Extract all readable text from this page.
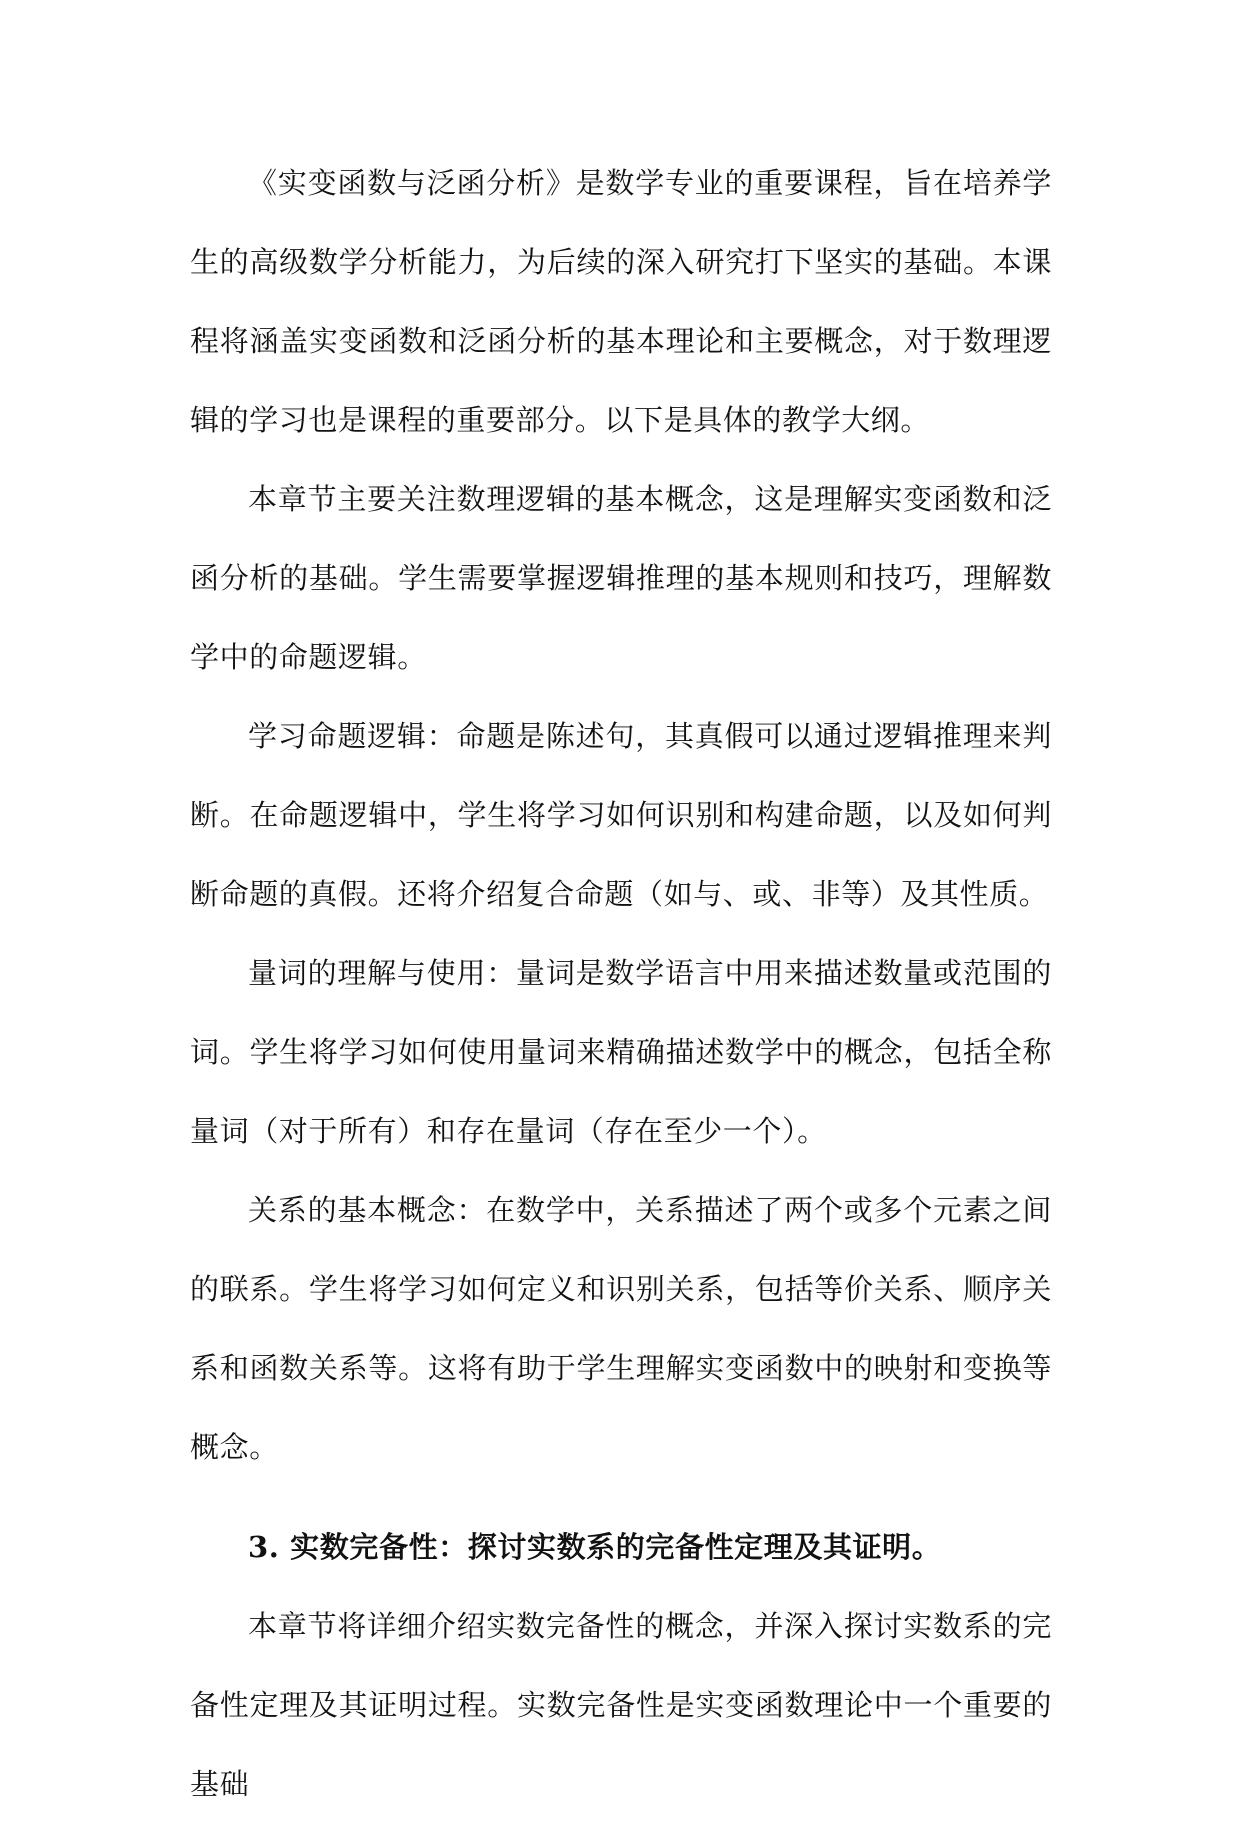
《实变函数与泛函分析》是数学专业的重要课程，旨在培养学生的高级数学分析能力，为后续的深入研究打下坚实的基础。本课程将涵盖实变函数和泛函分析的基本理论和主要概念，对于数理逻辑的学习也是课程的重要部分。以下是具体的教学大纲。

本章节主要关注数理逻辑的基本概念，这是理解实变函数和泛函分析的基础。学生需要掌握逻辑推理的基本规则和技巧，理解数学中的命题逻辑。

学习命题逻辑：命题是陈述句，其真假可以通过逻辑推理来判断。在命题逻辑中，学生将学习如何识别和构建命题，以及如何判断命题的真假。还将介绍复合命题（如与、或、非等）及其性质。

量词的理解与使用：量词是数学语言中用来描述数量或范围的词。学生将学习如何使用量词来精确描述数学中的概念，包括全称量词（对于所有）和存在量词（存在至少一个）。

关系的基本概念：在数学中，关系描述了两个或多个元素之间的联系。学生将学习如何定义和识别关系，包括等价关系、顺序关系和函数关系等。这将有助于学生理解实变函数中的映射和变换等概念。

3. 实数完备性：探讨实数系的完备性定理及其证明。

本章节将详细介绍实数完备性的概念，并深入探讨实数系的完备性定理及其证明过程。实数完备性是实变函数理论中一个重要的基础
